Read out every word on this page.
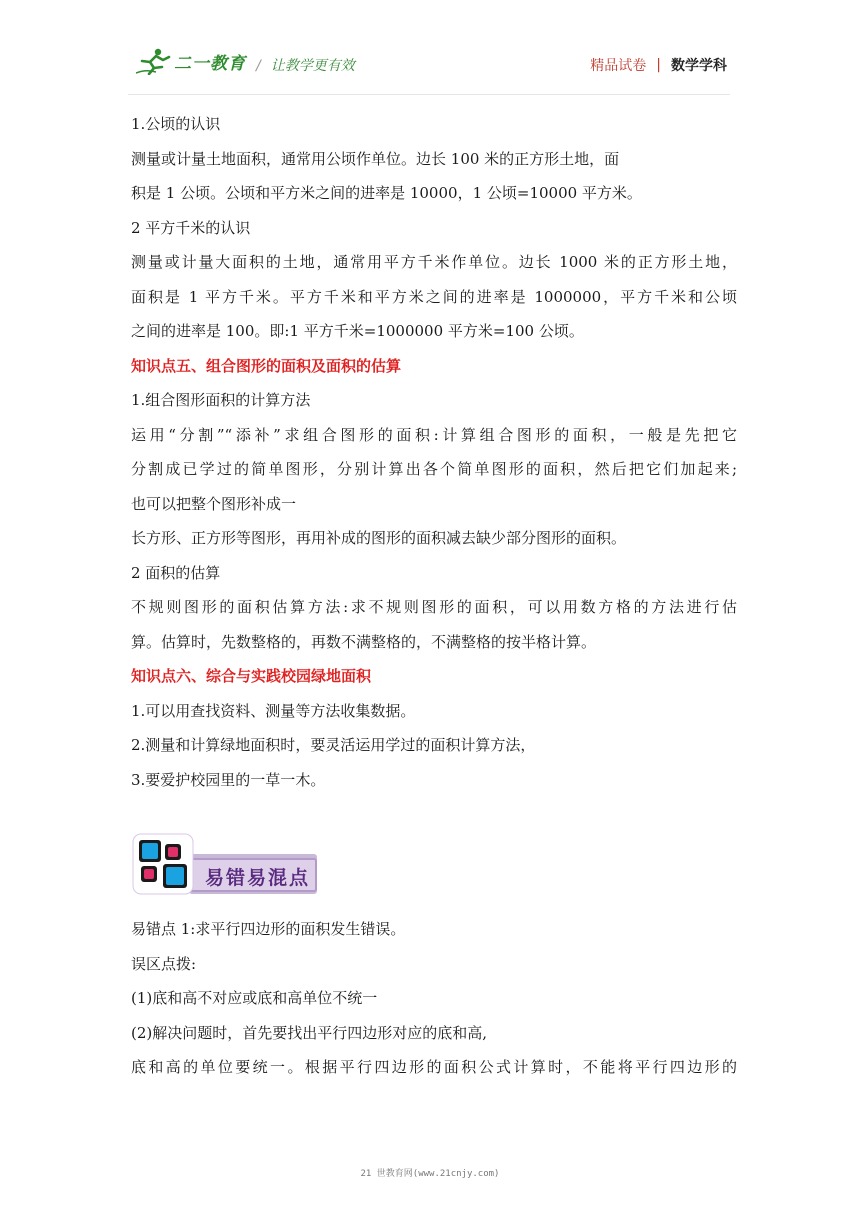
二一教育 / 让教学更有效	精品试卷 | 数学学科
1.公顷的认识
测量或计量土地面积，通常用公顷作单位。边长 100 米的正方形土地，面
积是 1 公顷。公顷和平方米之间的进率是 10000，1 公顷=10000 平方米。
2 平方千米的认识
测量或计量大面积的土地，通常用平方千米作单位。边长 1000 米的正方形土地，
面积是 1 平方千米。平方千米和平方米之间的进率是 1000000，平方千米和公顷
之间的进率是 100。即:1 平方千米=1000000 平方米=100 公顷。
知识点五、组合图形的面积及面积的估算
1.组合图形面积的计算方法
运用“分割”“添补”求组合图形的面积:计算组合图形的面积，一般是先把它
分割成已学过的简单图形，分别计算出各个简单图形的面积，然后把它们加起来;
也可以把整个图形补成一
长方形、正方形等图形，再用补成的图形的面积减去缺少部分图形的面积。
2 面积的估算
不规则图形的面积估算方法:求不规则图形的面积，可以用数方格的方法进行估
算。估算时，先数整格的，再数不满整格的，不满整格的按半格计算。
知识点六、综合与实践校园绿地面积
1.可以用查找资料、测量等方法收集数据。
2.测量和计算绿地面积时，要灵活运用学过的面积计算方法，
3.要爱护校园里的一草一木。
易错易混点
易错点 1:求平行四边形的面积发生错误。
误区点拨:
(1)底和高不对应或底和高单位不统一
(2)解决问题时，首先要找出平行四边形对应的底和高,
底和高的单位要统一。根据平行四边形的面积公式计算时，不能将平行四边形的
21 世教育网(www.21cnjy.com)
